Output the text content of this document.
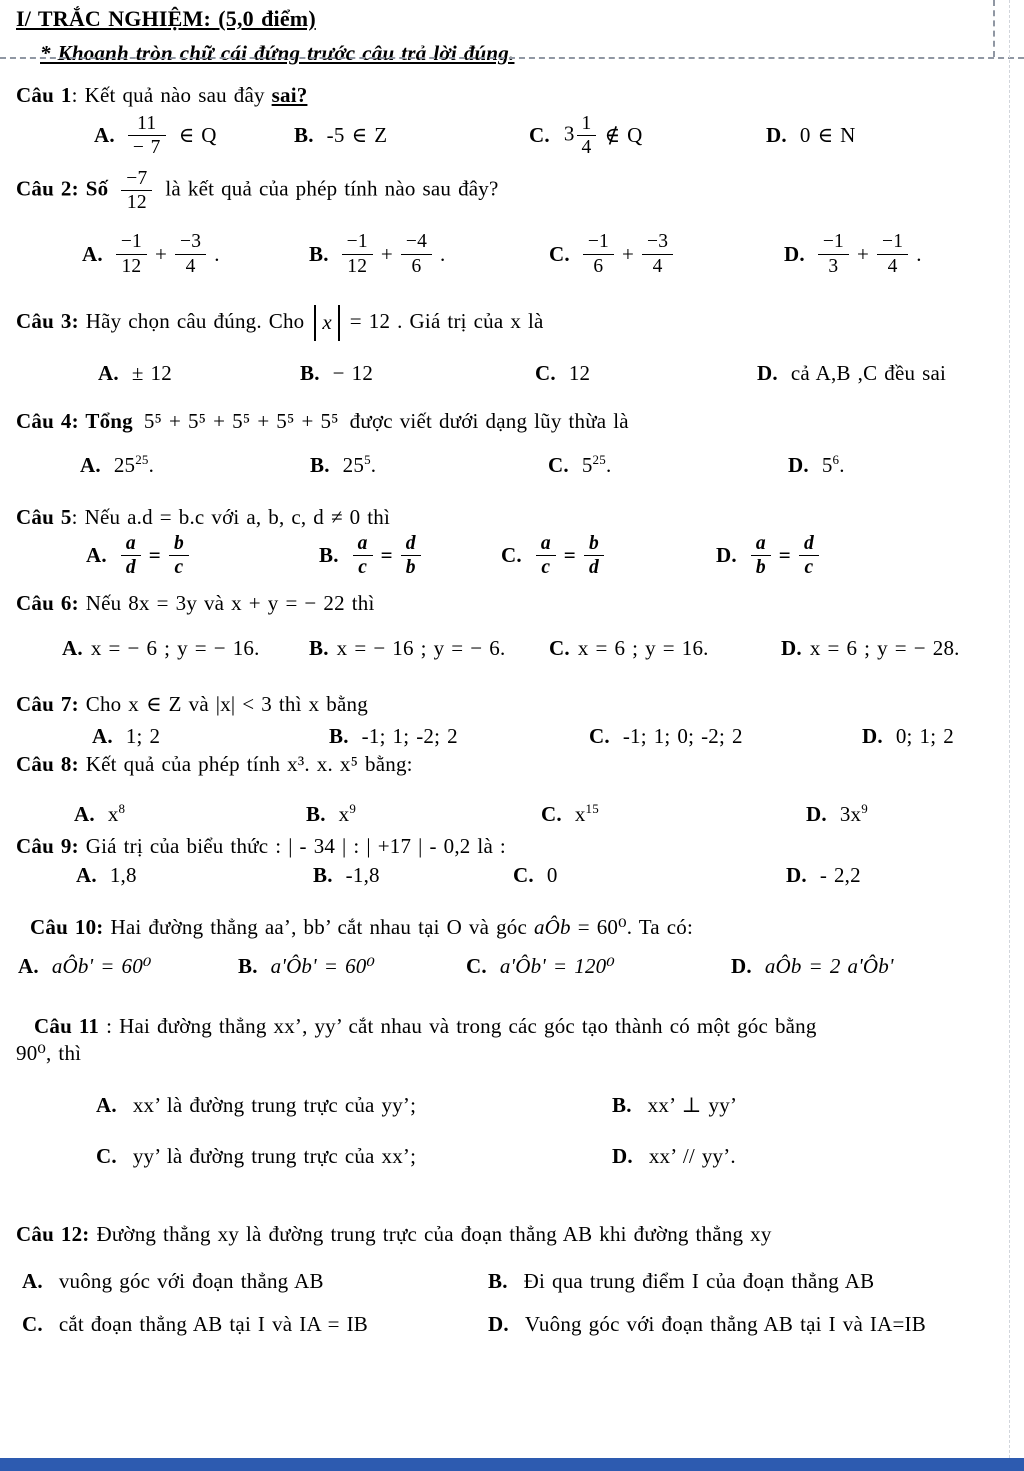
I/ TRẮC NGHIỆM: (5,0 điểm)
* Khoanh tròn chữ cái đứng trước câu trả lời đúng.
Câu 1: Kết quả nào sau đây sai?
A. $\frac{11}{- 7}$ ∈ Q	B. -5 ∈ Z	C. $3 \frac{1}{4}$ ∉ Q	D. 0 ∈ N
Câu 2: Số $\frac{-7}{12}$ là kết quả của phép tính nào sau đây?
A. $\frac{-1}{12} + \frac{-3}{4}$ .	B. $\frac{-1}{12} + \frac{-4}{6}$ .	C. $\frac{-1}{6} + \frac{-3}{4}$	D. $\frac{-1}{3} + \frac{-1}{4}$ .
Câu 3: Hãy chọn câu đúng. Cho x = 12 . Giá trị của x là
A. ± 12	B. − 12	C. 12	D. cả A,B ,C đều sai
Câu 4: Tổng 5⁵ + 5⁵ + 5⁵ + 5⁵ + 5⁵ được viết dưới dạng lũy thừa là
A. $25^{25}$.	B. $25^5$.	C. $5^{25}$.	D. $5^6$.
Câu 5: Nếu a.d = b.c với a, b, c, d ≠ 0 thì
A. $\frac{a}{d} = \frac{b}{c}$	B. $\frac{a}{c} = \frac{d}{b}$	C. $\frac{a}{c} = \frac{b}{d}$	D. $\frac{a}{b} = \frac{d}{c}$
Câu 6: Nếu 8x = 3y và x + y = − 22 thì
A. x = − 6 ; y = − 16. B. x = − 16 ; y = − 6. C. x = 6 ; y = 16.	D. x = 6 ; y = − 28.
Câu 7: Cho x ∈ Z và |x| < 3 thì x bằng
A. 1; 2	B. -1; 1; -2; 2	C. -1; 1; 0; -2; 2	D. 0; 1; 2
Câu 8: Kết quả của phép tính x³. x. x⁵ bằng:
A. $x^8$	B. $x^9$	C. $x^{15}$	D. $3x^9$
Câu 9: Giá trị của biểu thức : | - 34 | : | +17 | - 0,2 là :
A. 1,8	B. -1,8	C. 0	D. - 2,2
Câu 10: Hai đường thẳng aa’, bb’ cắt nhau tại O và góc aÔb = 60⁰. Ta có:
A. aÔb' = 60⁰	B. a'Ôb' = 60⁰	C. a'Ôb' = 120⁰	D. aÔb = 2 a'Ôb'
Câu 11 : Hai đường thẳng xx’, yy’ cắt nhau và trong các góc tạo thành có một góc bằng
90⁰, thì
A. xx’ là đường trung trực của yy’;	B. xx’ ⊥ yy’
C. yy’ là đường trung trực của xx’;	D. xx’ // yy’.
Câu 12: Đường thẳng xy là đường trung trực của đoạn thẳng AB khi đường thẳng xy
A. vuông góc với đoạn thẳng AB	B. Đi qua trung điểm I của đoạn thẳng AB
C. cắt đoạn thẳng AB tại I và IA = IB	D. Vuông góc với đoạn thẳng AB tại I và IA=IB
